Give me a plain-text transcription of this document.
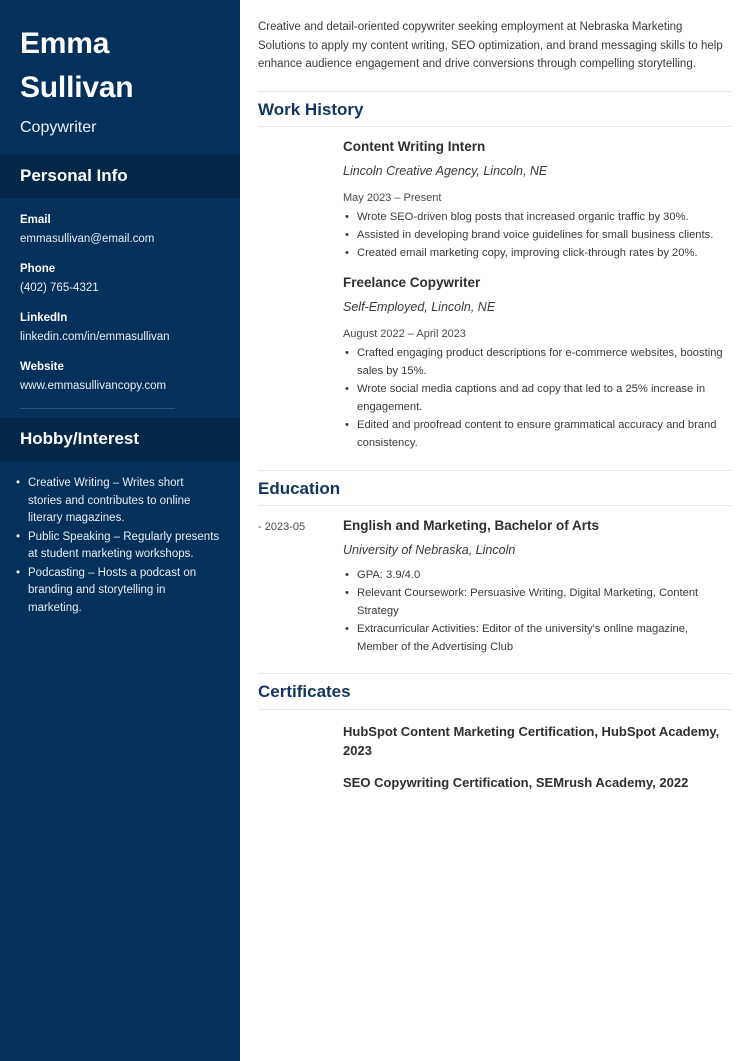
Emma
Sullivan
Copywriter
Personal Info
Email
emmasullivan@email.com
Phone
(402) 765-4321
LinkedIn
linkedin.com/in/emmasullivan
Website
www.emmasullivancopy.com
Hobby/Interest
• Creative Writing – Writes short stories and contributes to online literary magazines.
• Public Speaking – Regularly presents at student marketing workshops.
• Podcasting – Hosts a podcast on branding and storytelling in marketing.

Creative and detail-oriented copywriter seeking employment at Nebraska Marketing Solutions to apply my content writing, SEO optimization, and brand messaging skills to help enhance audience engagement and drive conversions through compelling storytelling.

Work History
Content Writing Intern
Lincoln Creative Agency, Lincoln, NE
May 2023 – Present
• Wrote SEO-driven blog posts that increased organic traffic by 30%.
• Assisted in developing brand voice guidelines for small business clients.
• Created email marketing copy, improving click-through rates by 20%.
Freelance Copywriter
Self-Employed, Lincoln, NE
August 2022 – April 2023
• Crafted engaging product descriptions for e-commerce websites, boosting sales by 15%.
• Wrote social media captions and ad copy that led to a 25% increase in engagement.
• Edited and proofread content to ensure grammatical accuracy and brand consistency.
Education
- 2023-05	English and Marketing, Bachelor of Arts
University of Nebraska, Lincoln
• GPA: 3.9/4.0
• Relevant Coursework: Persuasive Writing, Digital Marketing, Content Strategy
• Extracurricular Activities: Editor of the university's online magazine, Member of the Advertising Club
Certificates
HubSpot Content Marketing Certification, HubSpot Academy, 2023
SEO Copywriting Certification, SEMrush Academy, 2022
